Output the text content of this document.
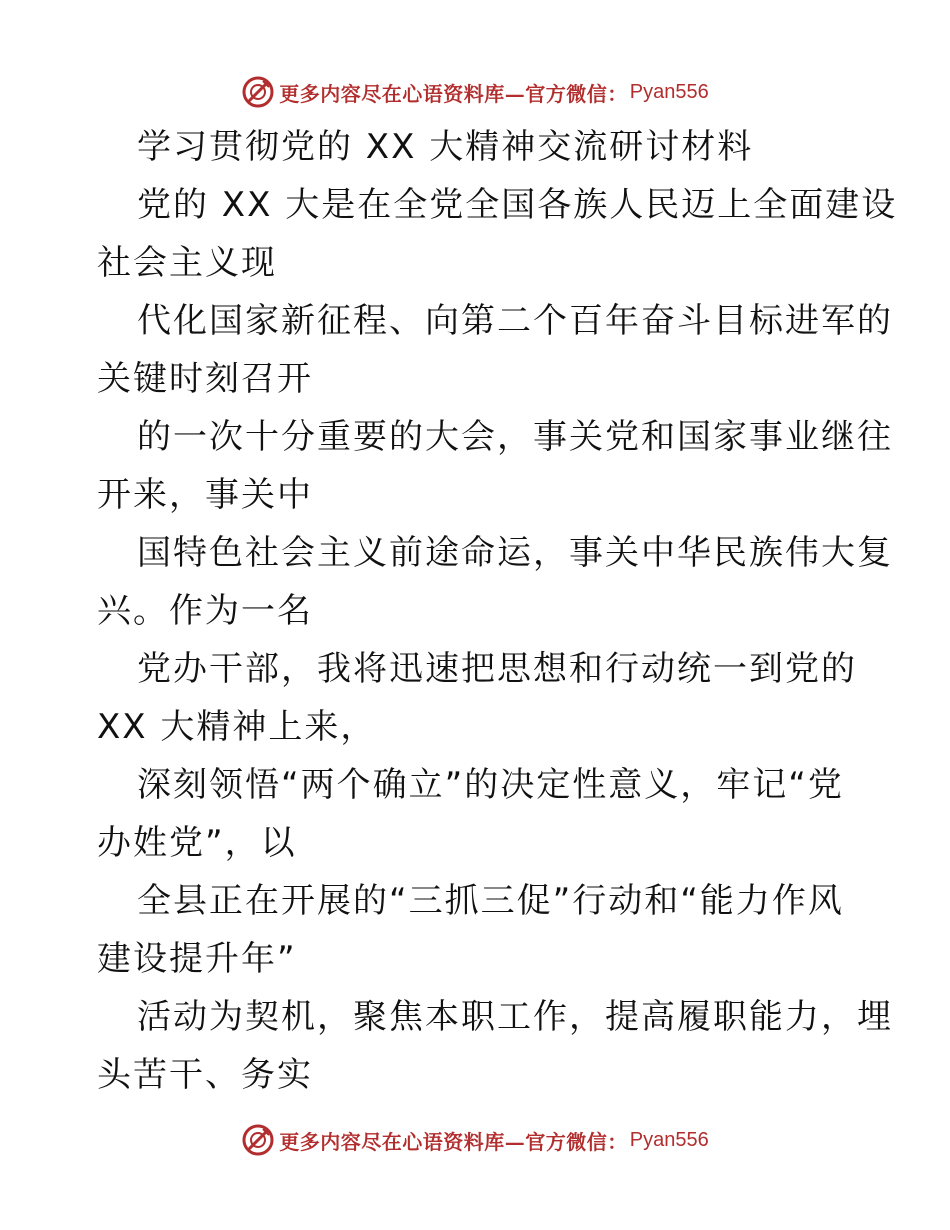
更多内容尽在心语资料库—官方微信： Pyan556
学习贯彻党的 XX 大精神交流研讨材料
党的 XX 大是在全党全国各族人民迈上全面建设
社会主义现
代化国家新征程、向第二个百年奋斗目标进军的
关键时刻召开
的一次十分重要的大会，事关党和国家事业继往
开来，事关中
国特色社会主义前途命运，事关中华民族伟大复
兴。作为一名
党办干部，我将迅速把思想和行动统一到党的
XX 大精神上来，
深刻领悟“两个确立”的决定性意义，牢记“党
办姓党”，以
全县正在开展的“三抓三促”行动和“能力作风
建设提升年”
活动为契机，聚焦本职工作，提高履职能力，埋
头苦干、务实
更多内容尽在心语资料库—官方微信： Pyan556
